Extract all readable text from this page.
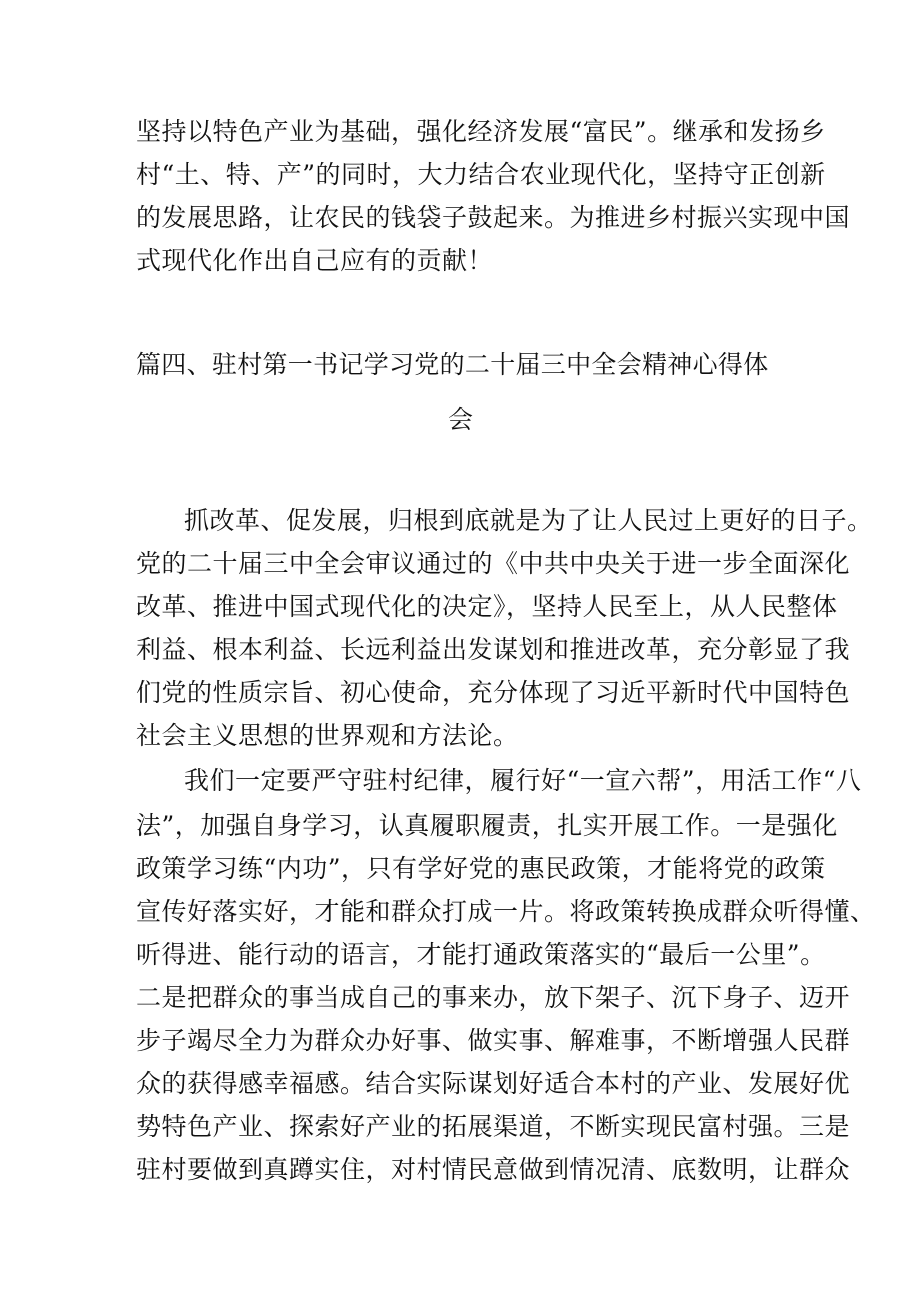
坚持以特色产业为基础，强化经济发展“富民”。继承和发扬乡
村“土、特、产”的同时，大力结合农业现代化，坚持守正创新
的发展思路，让农民的钱袋子鼓起来。为推进乡村振兴实现中国
式现代化作出自己应有的贡献！
篇四、驻村第一书记学习党的二十届三中全会精神心得体
会
抓改革、促发展，归根到底就是为了让人民过上更好的日子。
党的二十届三中全会审议通过的《中共中央关于进一步全面深化
改革、推进中国式现代化的决定》，坚持人民至上，从人民整体
利益、根本利益、长远利益出发谋划和推进改革，充分彰显了我
们党的性质宗旨、初心使命，充分体现了习近平新时代中国特色
社会主义思想的世界观和方法论。
我们一定要严守驻村纪律，履行好“一宣六帮”，用活工作“八
法”，加强自身学习，认真履职履责，扎实开展工作。一是强化
政策学习练“内功”，只有学好党的惠民政策，才能将党的政策
宣传好落实好，才能和群众打成一片。将政策转换成群众听得懂、
听得进、能行动的语言，才能打通政策落实的“最后一公里”。
二是把群众的事当成自己的事来办，放下架子、沉下身子、迈开
步子竭尽全力为群众办好事、做实事、解难事，不断增强人民群
众的获得感幸福感。结合实际谋划好适合本村的产业、发展好优
势特色产业、探索好产业的拓展渠道，不断实现民富村强。三是
驻村要做到真蹲实住，对村情民意做到情况清、底数明，让群众
